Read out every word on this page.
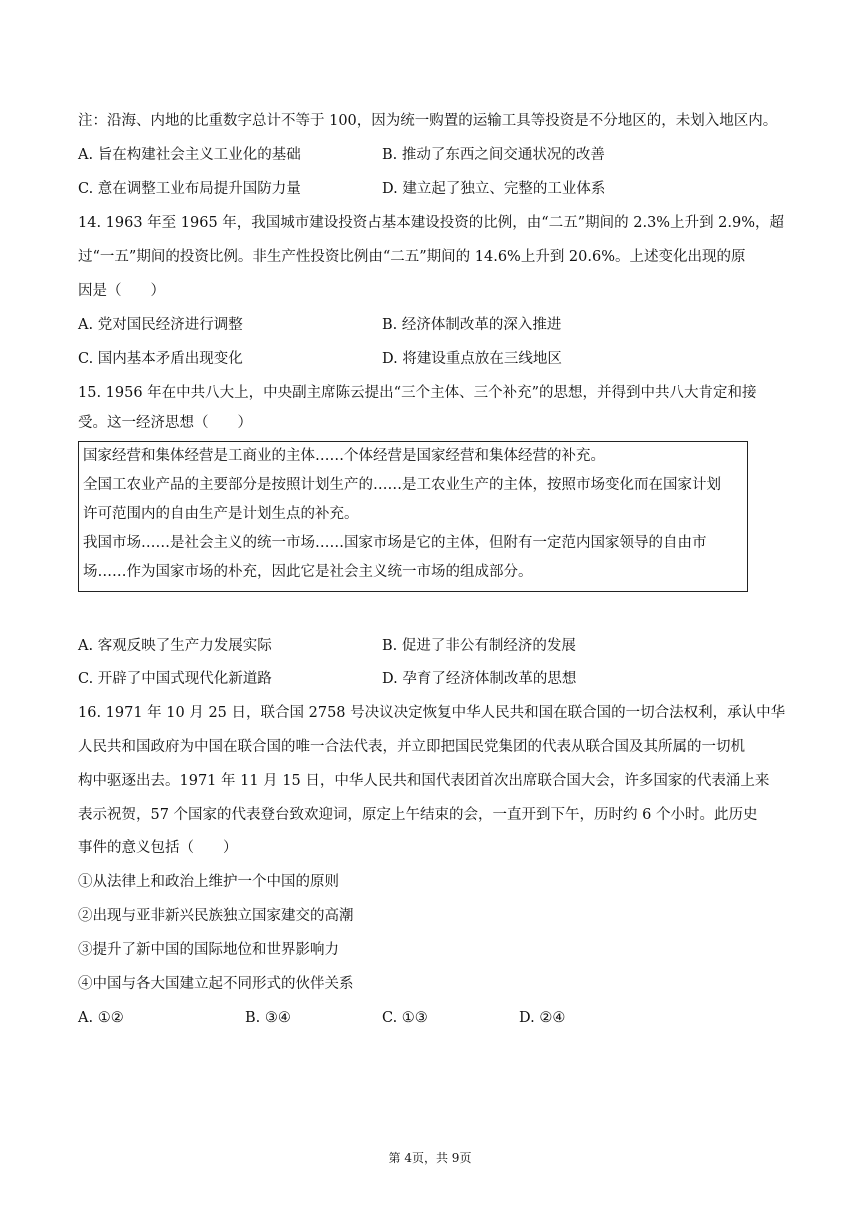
注：沿海、内地的比重数字总计不等于 100，因为统一购置的运输工具等投资是不分地区的，未划入地区内。
A. 旨在构建社会主义工业化的基础	B. 推动了东西之间交通状况的改善
C. 意在调整工业布局提升国防力量	D. 建立起了独立、完整的工业体系
14. 1963 年至 1965 年，我国城市建设投资占基本建设投资的比例，由“二五”期间的 2.3%上升到 2.9%，超
过“一五”期间的投资比例。非生产性投资比例由“二五”期间的 14.6%上升到 20.6%。上述变化出现的原
因是（　　）
A. 党对国民经济进行调整	B. 经济体制改革的深入推进
C. 国内基本矛盾出现变化	D. 将建设重点放在三线地区
15. 1956 年在中共八大上，中央副主席陈云提出“三个主体、三个补充”的思想，并得到中共八大肯定和接
受。这一经济思想（　　）
国家经营和集体经营是工商业的主体……个体经营是国家经营和集体经营的补充。
全国工农业产品的主要部分是按照计划生产的……是工农业生产的主体，按照市场变化而在国家计划
许可范围内的自由生产是计划生点的补充。
我国市场……是社会主义的统一市场……国家市场是它的主体，但附有一定范内国家领导的自由市
场……作为国家市场的朴充，因此它是社会主义统一市场的组成部分。
A. 客观反映了生产力发展实际	B. 促进了非公有制经济的发展
C. 开辟了中国式现代化新道路	D. 孕育了经济体制改革的思想
16. 1971 年 10 月 25 日，联合国 2758 号决议决定恢复中华人民共和国在联合国的一切合法权利，承认中华
人民共和国政府为中国在联合国的唯一合法代表，并立即把国民党集团的代表从联合国及其所属的一切机
构中驱逐出去。1971 年 11 月 15 日，中华人民共和国代表团首次出席联合国大会，许多国家的代表涌上来
表示祝贺，57 个国家的代表登台致欢迎词，原定上午结束的会，一直开到下午，历时约 6 个小时。此历史
事件的意义包括（　　）
①从法律上和政治上维护一个中国的原则
②出现与亚非新兴民族独立国家建交的高潮
③提升了新中国的国际地位和世界影响力
④中国与各大国建立起不同形式的伙伴关系
A. ①②	B. ③④	C. ①③	D. ②④
第 4页，共 9页
